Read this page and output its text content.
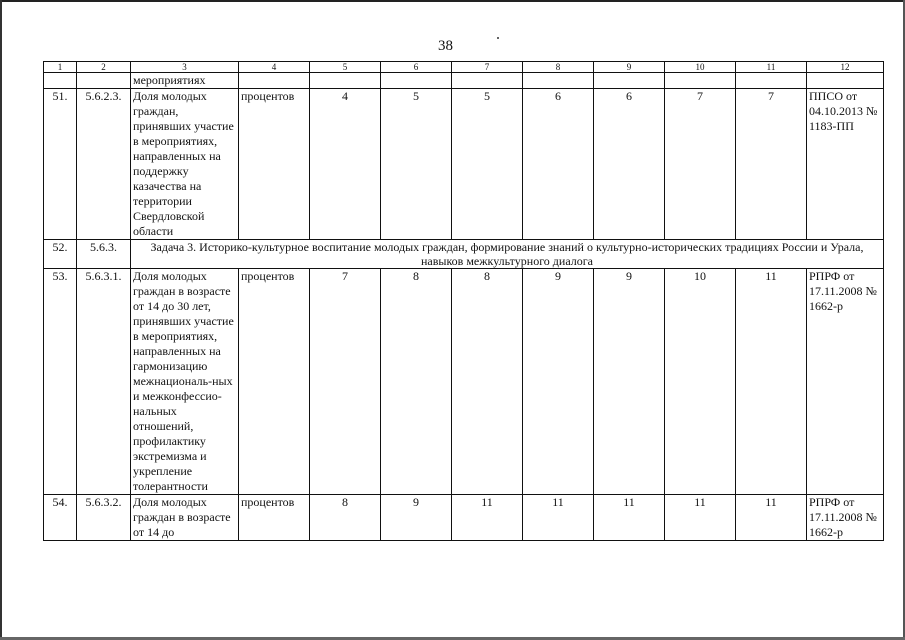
38
1	2	3	4	5	6	7	8	9	10	11	12
		мероприятиях									
51.	5.6.2.3.	Доля молодых граждан, принявших участие в мероприятиях, направленных на поддержку казачества на территории Свердловской области	процентов	4	5	5	6	6	7	7	ППСО от 04.10.2013 № 1183-ПП
52.	5.6.3.	Задача 3. Историко-культурное воспитание молодых граждан, формирование знаний о культурно-исторических традициях России и Урала, навыков межкультурного диалога									
53.	5.6.3.1.	Доля молодых граждан в возрасте от 14 до 30 лет, принявших участие в мероприятиях, направленных на гармонизацию межнациональ-ных и межконфессио-нальных отношений, профилактику экстремизма и укрепление толерантности	процентов	7	8	8	9	9	10	11	РПРФ от 17.11.2008 № 1662-р
54.	5.6.3.2.	Доля молодых граждан в возрасте от 14 до	процентов	8	9	11	11	11	11	11	РПРФ от 17.11.2008 № 1662-р
